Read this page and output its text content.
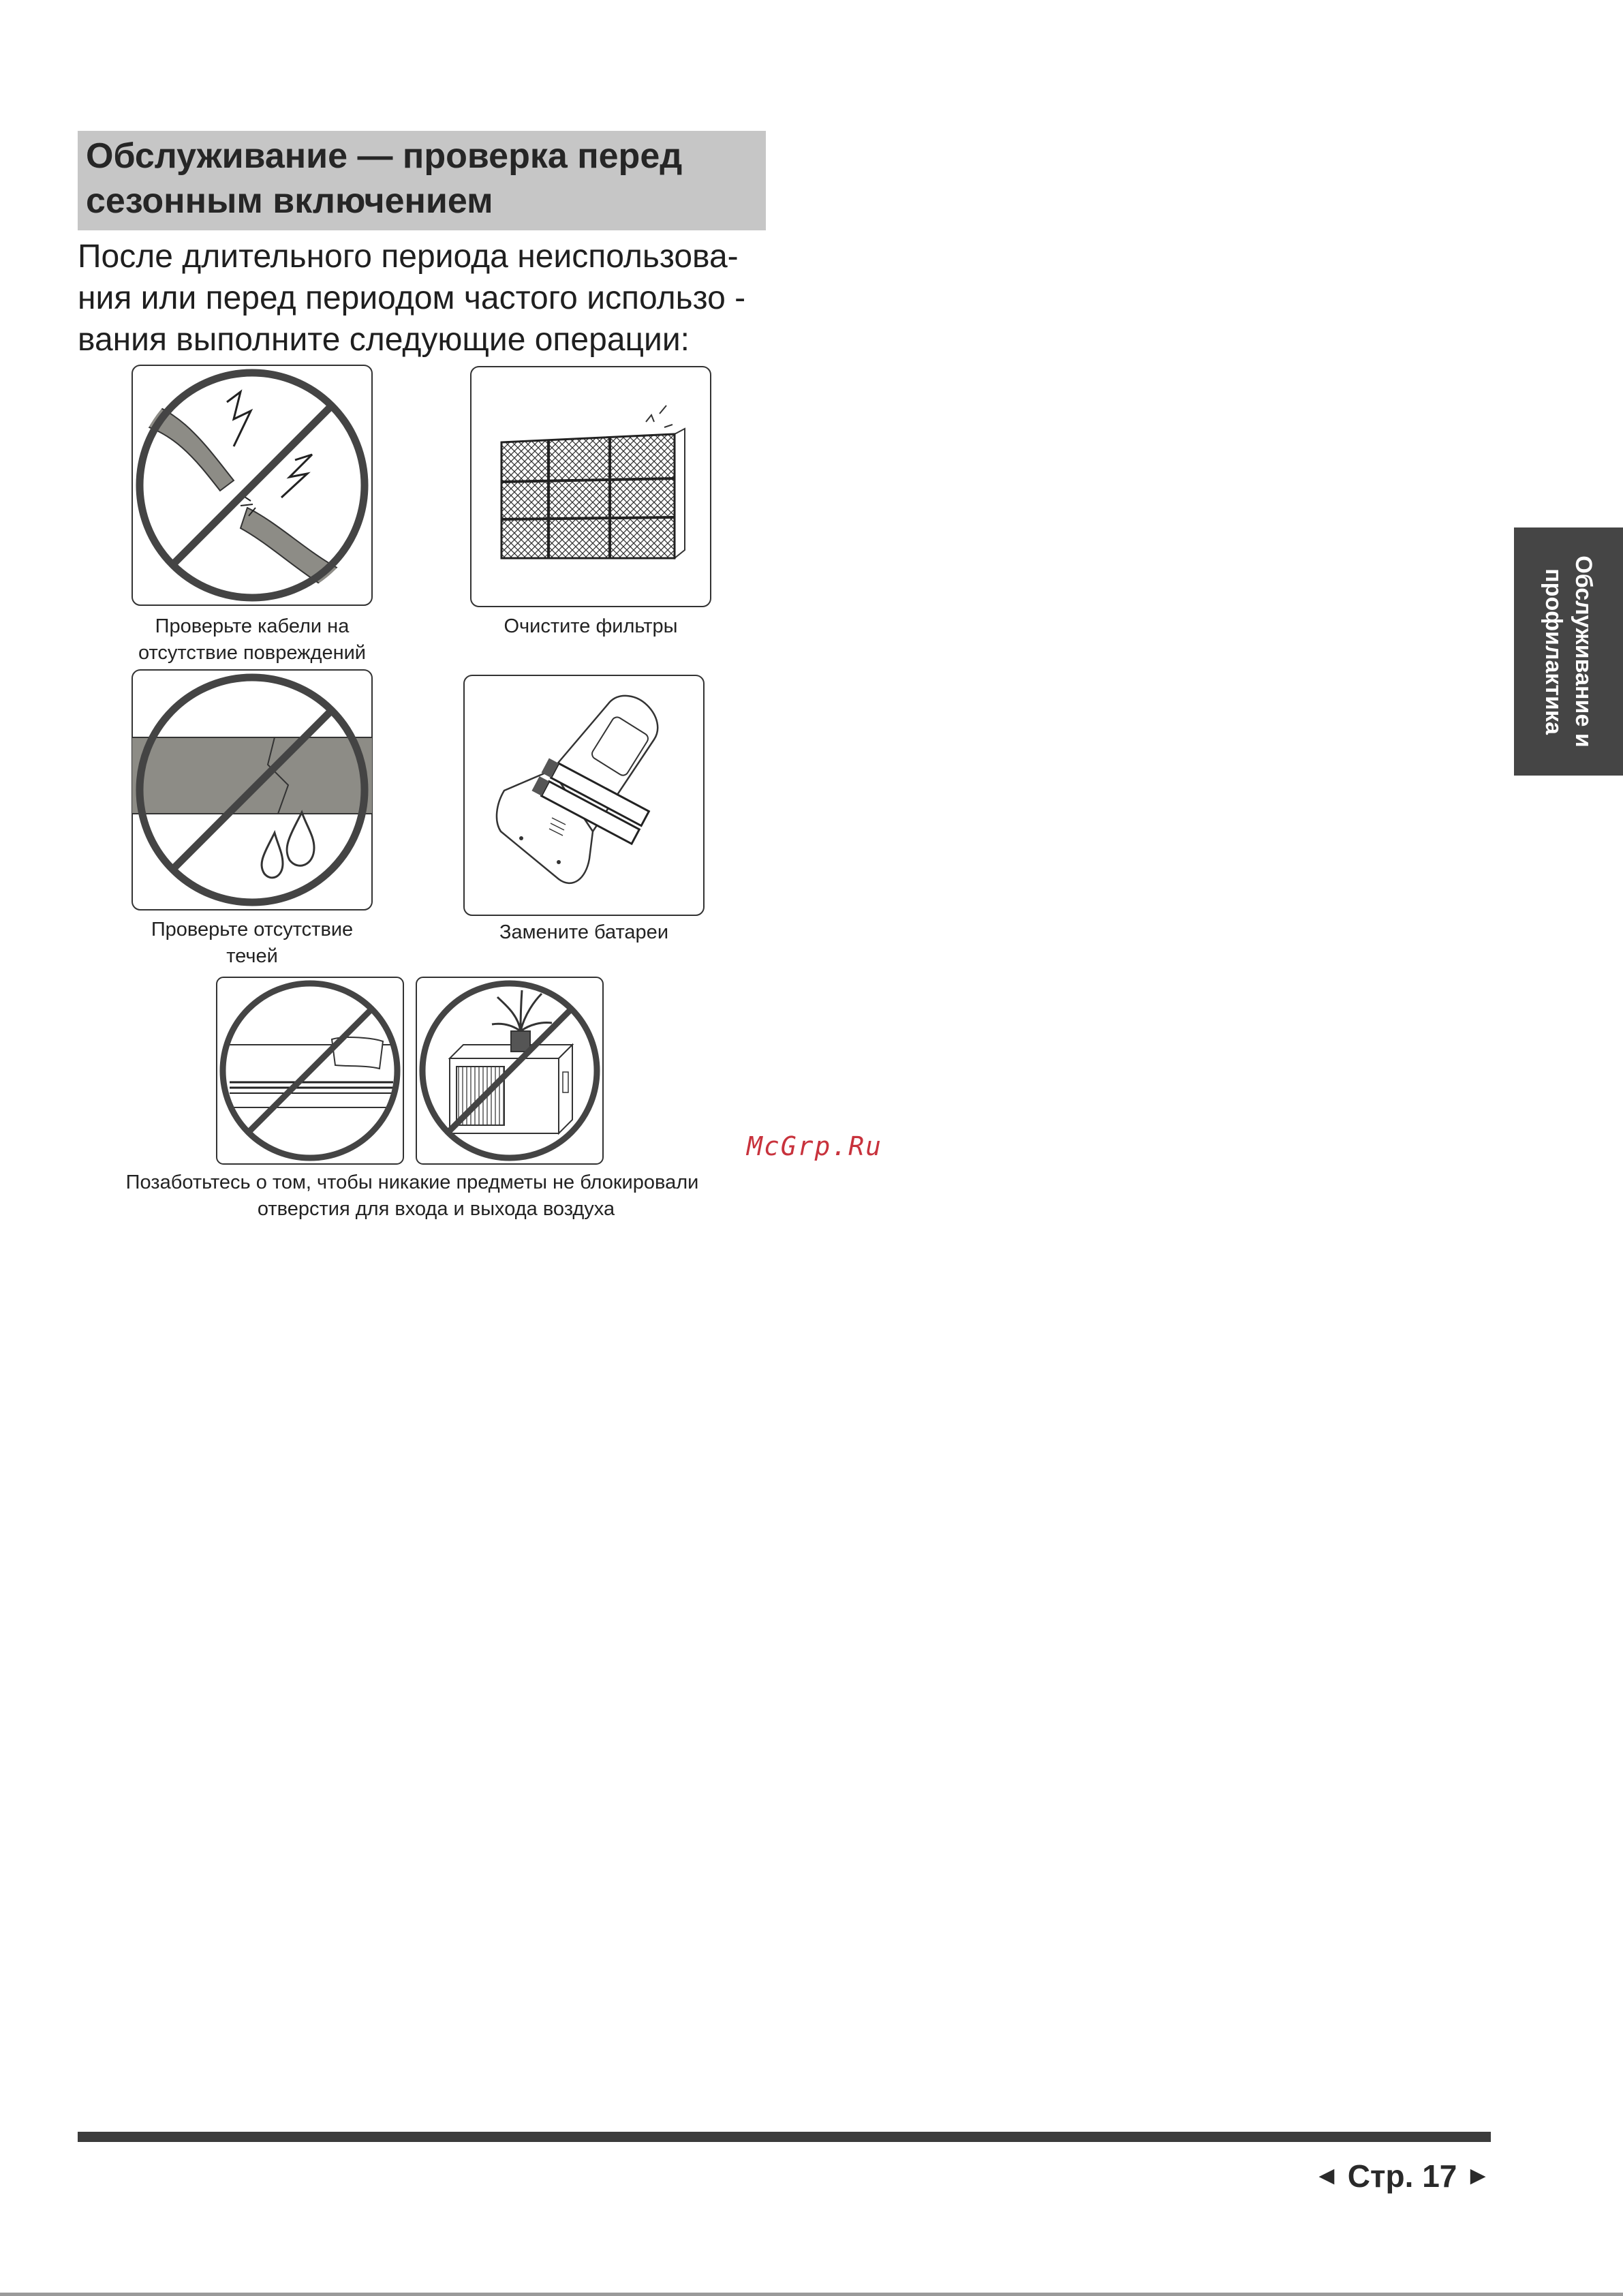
Обслуживание — проверка перед
сезонным включением
После длительного периода неиспользова-
ния или перед периодом частого использо -
вания выполните следующие операции:
Проверьте кабели на
отсутствие повреждений
Очистите фильтры
Проверьте отсутствие
течей
Замените батареи
Позаботьтесь о том, чтобы никакие предметы не блокировали
отверстия для входа и выхода воздуха
Обслуживание и
профилактика
McGrp.Ru
◄ Стр. 17 ►
